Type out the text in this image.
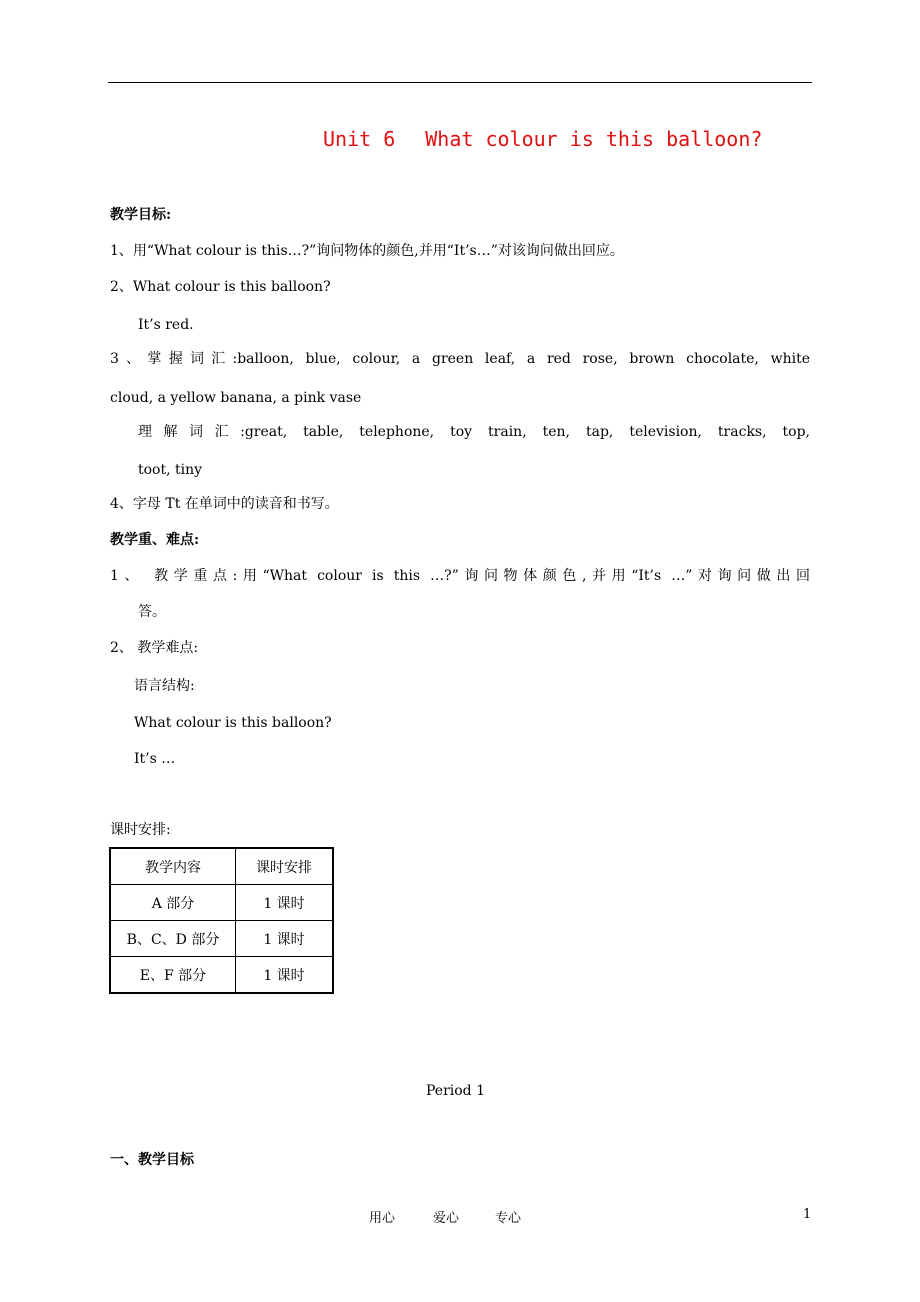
Unit 6 What colour is this balloon?
教学目标:
1、用“What colour is this…?”询问物体的颜色,并用“It’s…”对该询问做出回应。
2、What colour is this balloon?
It’s red.
3、掌握词汇:balloon, blue, colour, a green leaf, a red rose, brown chocolate, white
cloud, a yellow banana, a pink vase
理解词汇:great, table, telephone, toy train, ten, tap, television, tracks, top,
toot, tiny
4、字母 Tt 在单词中的读音和书写。
教学重、难点:
1、 教学重点:用“What colour is this …?”询问物体颜色,并用“It’s …”对询问做出回
答。
2、 教学难点:
语言结构:
What colour is this balloon?
It’s …
课时安排:
教学内容	课时安排
A 部分	1 课时
B、C、D 部分	1 课时
E、F 部分	1 课时
Period 1
一、教学目标
用心	爱心	专心	1
